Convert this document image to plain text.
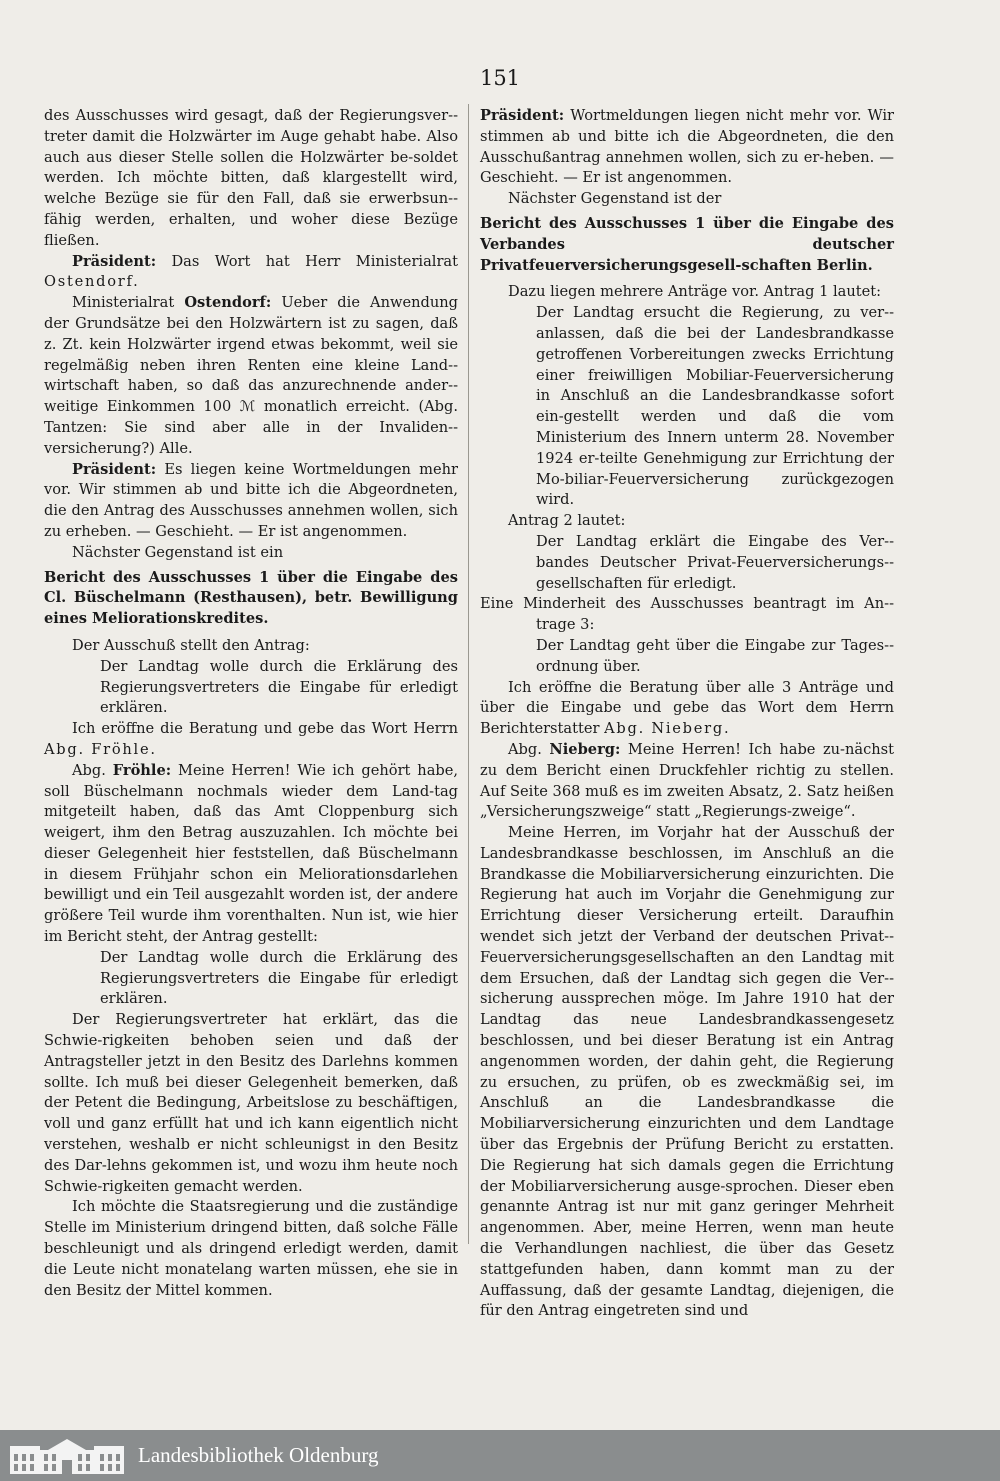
151

des Ausschusses wird gesagt, daß der Regierungsver-treter damit die Holzwärter im Auge gehabt habe. Also auch aus dieser Stelle sollen die Holzwärter be-soldet werden. Ich möchte bitten, daß klargestellt wird, welche Bezüge sie für den Fall, daß sie erwerbsun-fähig werden, erhalten, und woher diese Bezüge fließen.

Präsident: Das Wort hat Herr Ministerialrat Ostendorf.

Ministerialrat Ostendorf: Ueber die Anwendung der Grundsätze bei den Holzwärtern ist zu sagen, daß z. Zt. kein Holzwärter irgend etwas bekommt, weil sie regelmäßig neben ihren Renten eine kleine Land-wirtschaft haben, so daß das anzurechnende ander-weitige Einkommen 100 ℳ monatlich erreicht. (Abg. Tantzen: Sie sind aber alle in der Invaliden-versicherung?) Alle.

Präsident: Es liegen keine Wortmeldungen mehr vor. Wir stimmen ab und bitte ich die Abgeordneten, die den Antrag des Ausschusses annehmen wollen, sich zu erheben. — Geschieht. — Er ist angenommen.

Nächster Gegenstand ist ein

Bericht des Ausschusses 1 über die Eingabe des Cl. Büschelmann (Resthausen), betr. Bewilligung eines Meliorationskredites.

Der Ausschuß stellt den Antrag:

Der Landtag wolle durch die Erklärung des Regierungsvertreters die Eingabe für erledigt erklären.

Ich eröffne die Beratung und gebe das Wort Herrn Abg. Fröhle.

Abg. Fröhle: Meine Herren! Wie ich gehört habe, soll Büschelmann nochmals wieder dem Land-tag mitgeteilt haben, daß das Amt Cloppenburg sich weigert, ihm den Betrag auszuzahlen. Ich möchte bei dieser Gelegenheit hier feststellen, daß Büschelmann in diesem Frühjahr schon ein Meliorationsdarlehen bewilligt und ein Teil ausgezahlt worden ist, der andere größere Teil wurde ihm vorenthalten. Nun ist, wie hier im Bericht steht, der Antrag gestellt:

Der Landtag wolle durch die Erklärung des Regierungsvertreters die Eingabe für erledigt erklären.

Der Regierungsvertreter hat erklärt, das die Schwie-rigkeiten behoben seien und daß der Antragsteller jetzt in den Besitz des Darlehns kommen sollte. Ich muß bei dieser Gelegenheit bemerken, daß der Petent die Bedingung, Arbeitslose zu beschäftigen, voll und ganz erfüllt hat und ich kann eigentlich nicht verstehen, weshalb er nicht schleunigst in den Besitz des Dar-lehns gekommen ist, und wozu ihm heute noch Schwie-rigkeiten gemacht werden.

Ich möchte die Staatsregierung und die zuständige Stelle im Ministerium dringend bitten, daß solche Fälle beschleunigt und als dringend erledigt werden, damit die Leute nicht monatelang warten müssen, ehe sie in den Besitz der Mittel kommen.

Präsident: Wortmeldungen liegen nicht mehr vor. Wir stimmen ab und bitte ich die Abgeordneten, die den Ausschußantrag annehmen wollen, sich zu er-heben. — Geschieht. — Er ist angenommen.

Nächster Gegenstand ist der

Bericht des Ausschusses 1 über die Eingabe des Verbandes deutscher Privatfeuerversicherungsgesell-schaften Berlin.

Dazu liegen mehrere Anträge vor. Antrag 1 lautet:

Der Landtag ersucht die Regierung, zu ver-anlassen, daß die bei der Landesbrandkasse getroffenen Vorbereitungen zwecks Errichtung einer freiwilligen Mobiliar-Feuerversicherung in Anschluß an die Landesbrandkasse sofort ein-gestellt werden und daß die vom Ministerium des Innern unterm 28. November 1924 er-teilte Genehmigung zur Errichtung der Mo-biliar-Feuerversicherung zurückgezogen wird.

Antrag 2 lautet:

Der Landtag erklärt die Eingabe des Ver-bandes Deutscher Privat-Feuerversicherungs-gesellschaften für erledigt.

Eine Minderheit des Ausschusses beantragt im An-trage 3:

Der Landtag geht über die Eingabe zur Tages-ordnung über.

Ich eröffne die Beratung über alle 3 Anträge und über die Eingabe und gebe das Wort dem Herrn Berichterstatter Abg. Nieberg.

Abg. Nieberg: Meine Herren! Ich habe zu-nächst zu dem Bericht einen Druckfehler richtig zu stellen. Auf Seite 368 muß es im zweiten Absatz, 2. Satz heißen „Versicherungszweige“ statt „Regierungs-zweige“.

Meine Herren, im Vorjahr hat der Ausschuß der Landesbrandkasse beschlossen, im Anschluß an die Brandkasse die Mobiliarversicherung einzurichten. Die Regierung hat auch im Vorjahr die Genehmigung zur Errichtung dieser Versicherung erteilt. Daraufhin wendet sich jetzt der Verband der deutschen Privat-Feuerversicherungsgesellschaften an den Landtag mit dem Ersuchen, daß der Landtag sich gegen die Ver-sicherung aussprechen möge. Im Jahre 1910 hat der Landtag das neue Landesbrandkassengesetz beschlossen, und bei dieser Beratung ist ein Antrag angenommen worden, der dahin geht, die Regierung zu ersuchen, zu prüfen, ob es zweckmäßig sei, im Anschluß an die Landesbrandkasse die Mobiliarversicherung einzurichten und dem Landtage über das Ergebnis der Prüfung Bericht zu erstatten. Die Regierung hat sich damals gegen die Errichtung der Mobiliarversicherung ausge-sprochen. Dieser eben genannte Antrag ist nur mit ganz geringer Mehrheit angenommen. Aber, meine Herren, wenn man heute die Verhandlungen nachliest, die über das Gesetz stattgefunden haben, dann kommt man zu der Auffassung, daß der gesamte Landtag, diejenigen, die für den Antrag eingetreten sind und

Landesbibliothek Oldenburg
